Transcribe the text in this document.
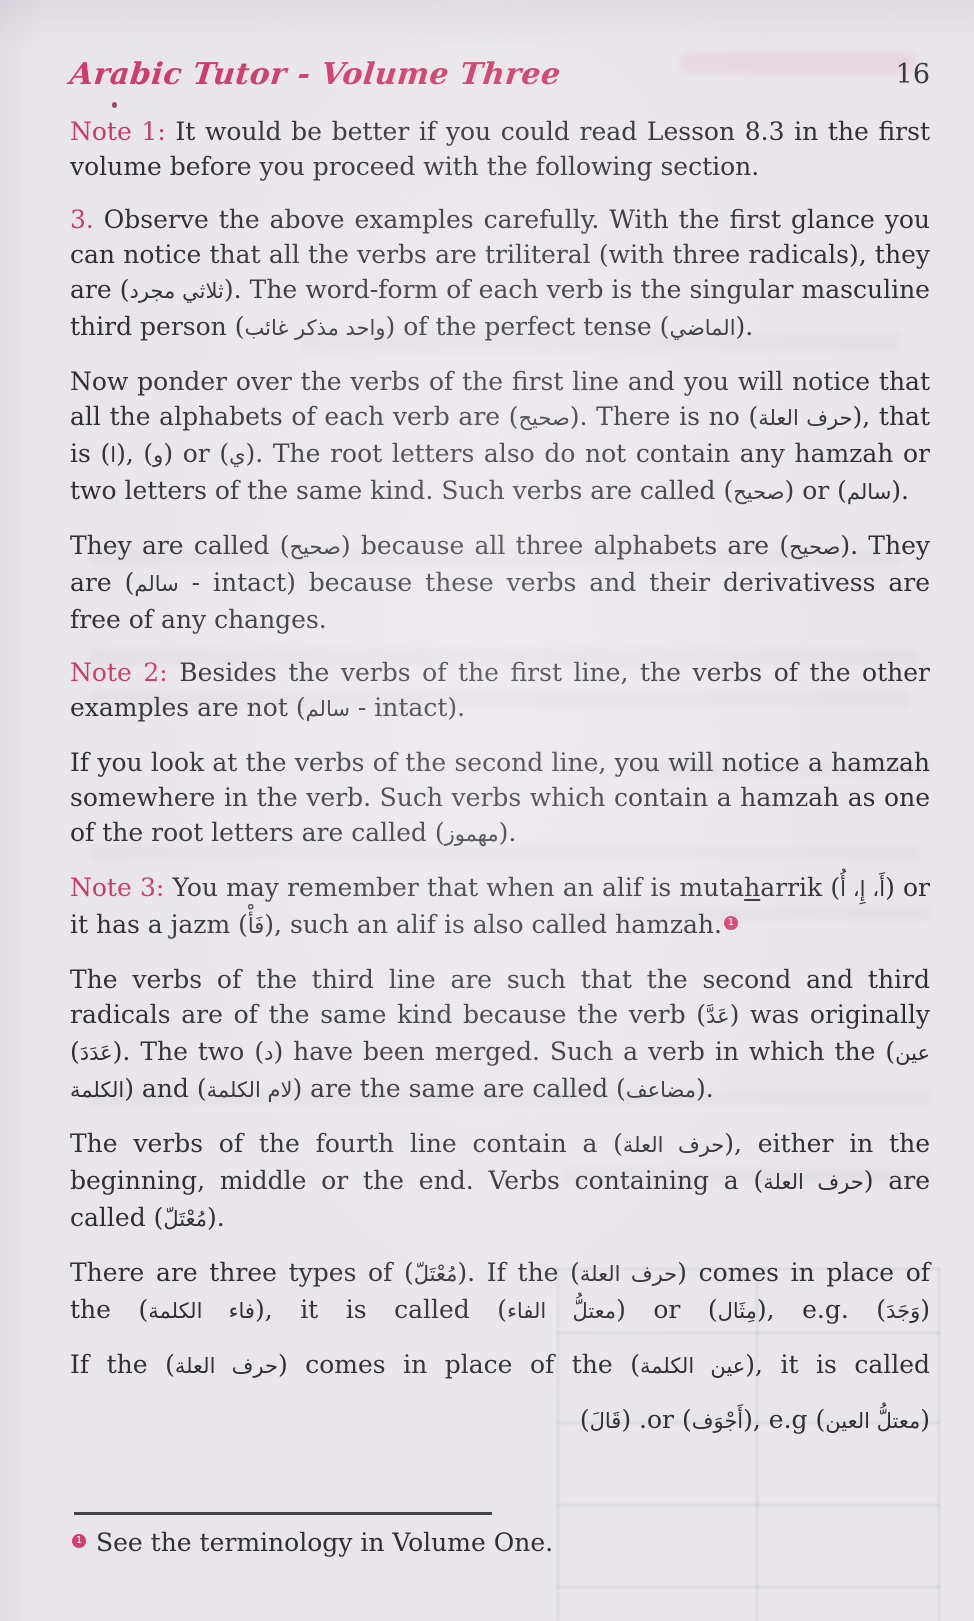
Arabic Tutor - Volume Three	16

Note 1: It would be better if you could read Lesson 8.3 in the first volume before you proceed with the following section.

3. Observe the above examples carefully. With the first glance you can notice that all the verbs are triliteral (with three radicals), they are (ثلاثي مجرد). The word-form of each verb is the singular masculine third person (واحد مذكر غائب) of the perfect tense (الماضي).

Now ponder over the verbs of the first line and you will notice that all the alphabets of each verb are (صحيح). There is no (حرف العلة), that is (ا), (و) or (ي). The root letters also do not contain any hamzah or two letters of the same kind. Such verbs are called (صحيح) or (سالم).

They are called (صحيح) because all three alphabets are (صحيح). They are (سالم - intact) because these verbs and their derivativess are free of any changes.

Note 2: Besides the verbs of the first line, the verbs of the other examples are not (سالم - intact).

If you look at the verbs of the second line, you will notice a hamzah somewhere in the verb. Such verbs which contain a hamzah as one of the root letters are called (مهموز).

Note 3: You may remember that when an alif is mutaharrik (أَ، إِ، أُ) or it has a jazm (فَأْ), such an alif is also called hamzah. 1

The verbs of the third line are such that the second and third radicals are of the same kind because the verb (عَدَّ) was originally (عَدَدَ). The two (د) have been merged. Such a verb in which the (عين الكلمة) and (لام الكلمة) are the same are called (مضاعف).

The verbs of the fourth line contain a (حرف العلة), either in the beginning, middle or the end. Verbs containing a (حرف العلة) are called (مُعْتَلّ).

There are three types of (مُعْتَلّ). If the (حرف العلة) comes in place of the (فاء الكلمة), it is called (معتلُّ الفاء) or (مِثَال), e.g. (وَجَدَ)

If the (حرف العلة) comes in place of the (عين الكلمة), it is called

(معتلُّ العين) or (أَجْوَف), e.g. (قَالَ)

1 See the terminology in Volume One.
